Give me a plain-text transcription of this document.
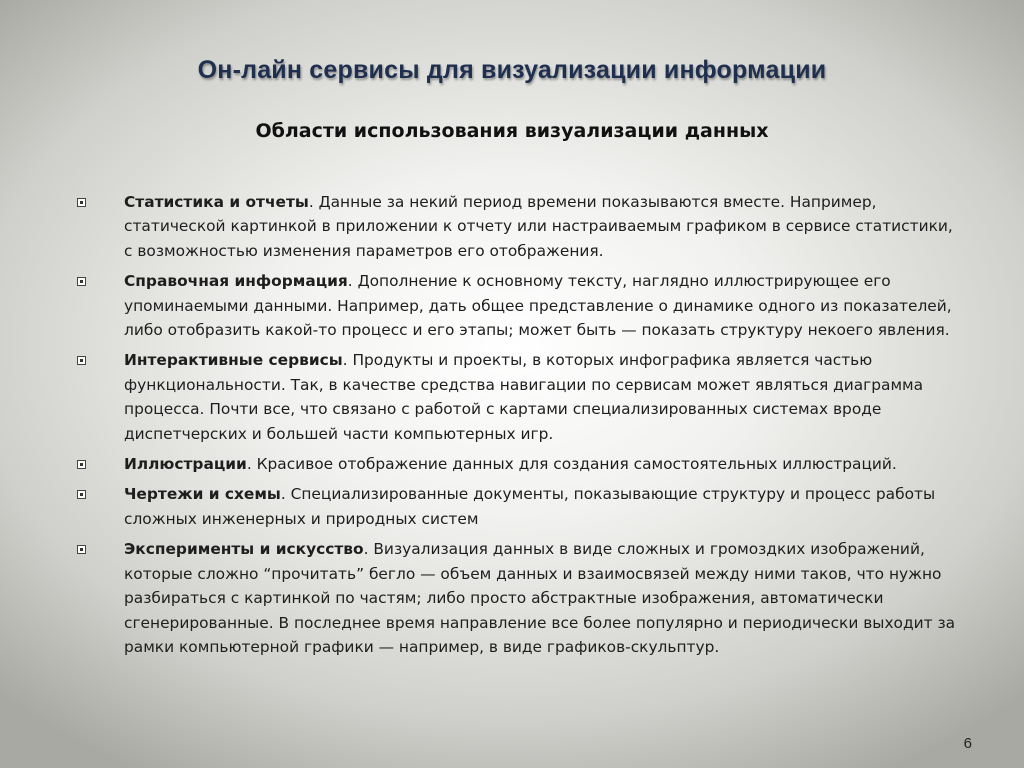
Он-лайн сервисы для визуализации информации
Области использования визуализации данных
Статистика и отчеты. Данные за некий период времени показываются вместе. Например, статической картинкой в приложении к отчету или настраиваемым графиком в сервисе статистики, с возможностью изменения параметров его отображения.
Справочная информация. Дополнение к основному тексту, наглядно иллюстрирующее его упоминаемыми данными. Например, дать общее представление о динамике одного из показателей, либо отобразить какой-то процесс и его этапы; может быть — показать структуру некоего явления.
Интерактивные сервисы. Продукты и проекты, в которых инфографика является частью функциональности. Так, в качестве средства навигации по сервисам может являться диаграмма процесса. Почти все, что связано с работой с картами специализированных системах вроде диспетчерских и большей части компьютерных игр.
Иллюстрации. Красивое отображение данных для создания самостоятельных иллюстраций.
Чертежи и схемы. Специализированные документы, показывающие структуру и процесс работы сложных инженерных и природных систем
Эксперименты и искусство. Визуализация данных в виде сложных и громоздких изображений, которые сложно “прочитать” бегло — объем данных и взаимосвязей между ними таков, что нужно разбираться с картинкой по частям; либо просто абстрактные изображения, автоматически сгенерированные. В последнее время направление все более популярно и периодически выходит за рамки компьютерной графики — например, в виде графиков-скульптур.
6
